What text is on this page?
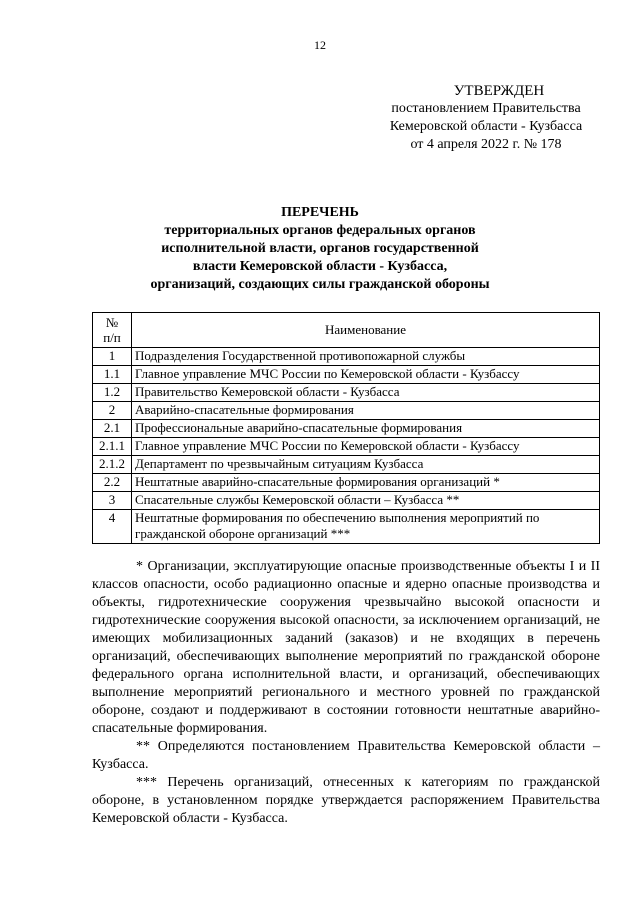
12
УТВЕРЖДЕН
постановлением Правительства
Кемеровской области - Кузбасса
от 4 апреля 2022 г. № 178
ПЕРЕЧЕНЬ
территориальных органов федеральных органов
исполнительной власти, органов государственной
власти Кемеровской области - Кузбасса,
организаций, создающих силы гражданской обороны
№
п/п	Наименование
1	Подразделения Государственной противопожарной службы
1.1	Главное управление МЧС России по Кемеровской области - Кузбассу
1.2	Правительство Кемеровской области - Кузбасса
2	Аварийно-спасательные формирования
2.1	Профессиональные аварийно-спасательные формирования
2.1.1	Главное управление МЧС России по Кемеровской области - Кузбассу
2.1.2	Департамент по чрезвычайным ситуациям Кузбасса
2.2	Нештатные аварийно-спасательные формирования организаций *
3	Спасательные службы Кемеровской области – Кузбасса **
4	Нештатные формирования по обеспечению выполнения мероприятий по гражданской обороне организаций ***

* Организации, эксплуатирующие опасные производственные объекты I и II классов опасности, особо радиационно опасные и ядерно опасные производства и объекты, гидротехнические сооружения чрезвычайно высокой опасности и гидротехнические сооружения высокой опасности, за исключением организаций, не имеющих мобилизационных заданий (заказов) и не входящих в перечень организаций, обеспечивающих выполнение мероприятий по гражданской обороне федерального органа исполнительной власти, и организаций, обеспечивающих выполнение мероприятий регионального и местного уровней по гражданской обороне, создают и поддерживают в состоянии готовности нештатные аварийно-спасательные формирования.

** Определяются постановлением Правительства Кемеровской области – Кузбасса.

*** Перечень организаций, отнесенных к категориям по гражданской обороне, в установленном порядке утверждается распоряжением Правительства Кемеровской области - Кузбасса.
